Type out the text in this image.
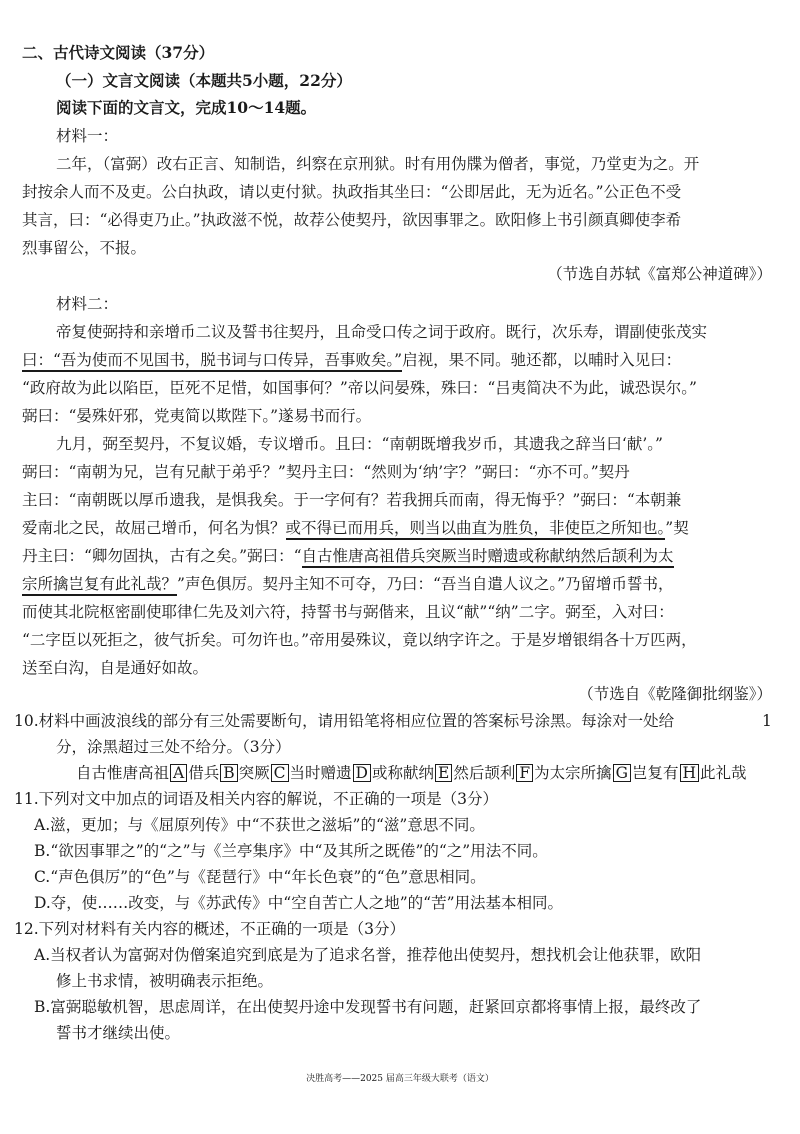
二、古代诗文阅读（37分）
（一）文言文阅读（本题共5小题，22分）
阅读下面的文言文，完成10～14题。
材料一：
二年，（富弼）改右正言、知制诰，纠察在京刑狱。时有用伪牒为僧者，事觉，乃堂吏为之。开
封按余人而不及吏。公白执政，请以吏付狱。执政指其坐曰：“公即居此，无为近名。”公正色不受
其言，曰：“必得吏乃止。”执政滋不悦，故荐公使契丹，欲因事罪之。欧阳修上书引颜真卿使李希
烈事留公，不报。
（节选自苏轼《富郑公神道碑》）
材料二：
帝复使弼持和亲增币二议及誓书往契丹，且命受口传之词于政府。既行，次乐寿，谓副使张茂实
曰：“吾为使而不见国书，脱书词与口传异，吾事败矣。”启视，果不同。驰还都，以晡时入见曰：
“政府故为此以陷臣，臣死不足惜，如国事何？”帝以问晏殊，殊曰：“吕夷简决不为此，诚恐误尔。”
弼曰：“晏殊奸邪，党夷简以欺陛下。”遂易书而行。
九月，弼至契丹，不复议婚，专议增币。且曰：“南朝既增我岁币，其遗我之辞当曰‘献’。”
弼曰：“南朝为兄，岂有兄献于弟乎？”契丹主曰：“然则为‘纳’字？”弼曰：“亦不可。”契丹
主曰：“南朝既以厚币遗我，是惧我矣。于一字何有？若我拥兵而南，得无悔乎？”弼曰：“本朝兼
爱南北之民，故屈己增币，何名为惧？或不得已而用兵，则当以曲直为胜负，非使臣之所知也。”契
丹主曰：“卿勿固执，古有之矣。”弼曰：“自古惟唐高祖借兵突厥当时赠遗或称献纳然后颉利为太
宗所擒岂复有此礼哉？”声色俱厉。契丹主知不可夺，乃曰：“吾当自遣人议之。”乃留增币誓书，
而使其北院枢密副使耶律仁先及刘六符，持誓书与弼偕来，且议“献”“纳”二字。弼至，入对曰：
“二字臣以死拒之，彼气折矣。可勿许也。”帝用晏殊议，竟以纳字许之。于是岁增银绢各十万匹两，
送至白沟，自是通好如故。
（节选自《乾隆御批纲鉴》）
10.材料中画波浪线的部分有三处需要断句，请用铅笔将相应位置的答案标号涂黑。每涂对一处给	1
分，涂黑超过三处不给分。（3分）
自古惟唐高祖 A 借兵 B 突厥 C 当时赠遗 D 或称献纳 E 然后颉利 F 为太宗所擒 G 岂复有 H 此礼哉
11.下列对文中加点的词语及相关内容的解说，不正确的一项是（3分）
A.滋，更加；与《屈原列传》中“不获世之滋垢”的“滋”意思不同。
B.“欲因事罪之”的“之”与《兰亭集序》中“及其所之既倦”的“之”用法不同。
C.“声色俱厉”的“色”与《琵琶行》中“年长色衰”的“色”意思相同。
D.夺，使……改变，与《苏武传》中“空自苦亡人之地”的“苦”用法基本相同。
12.下列对材料有关内容的概述，不正确的一项是（3分）
A.当权者认为富弼对伪僧案追究到底是为了追求名誉，推荐他出使契丹，想找机会让他获罪，欧阳
修上书求情，被明确表示拒绝。
B.富弼聪敏机智，思虑周详，在出使契丹途中发现誓书有问题，赶紧回京都将事情上报，最终改了
誓书才继续出使。
决胜高考——2025 届高三年级大联考（语文）
